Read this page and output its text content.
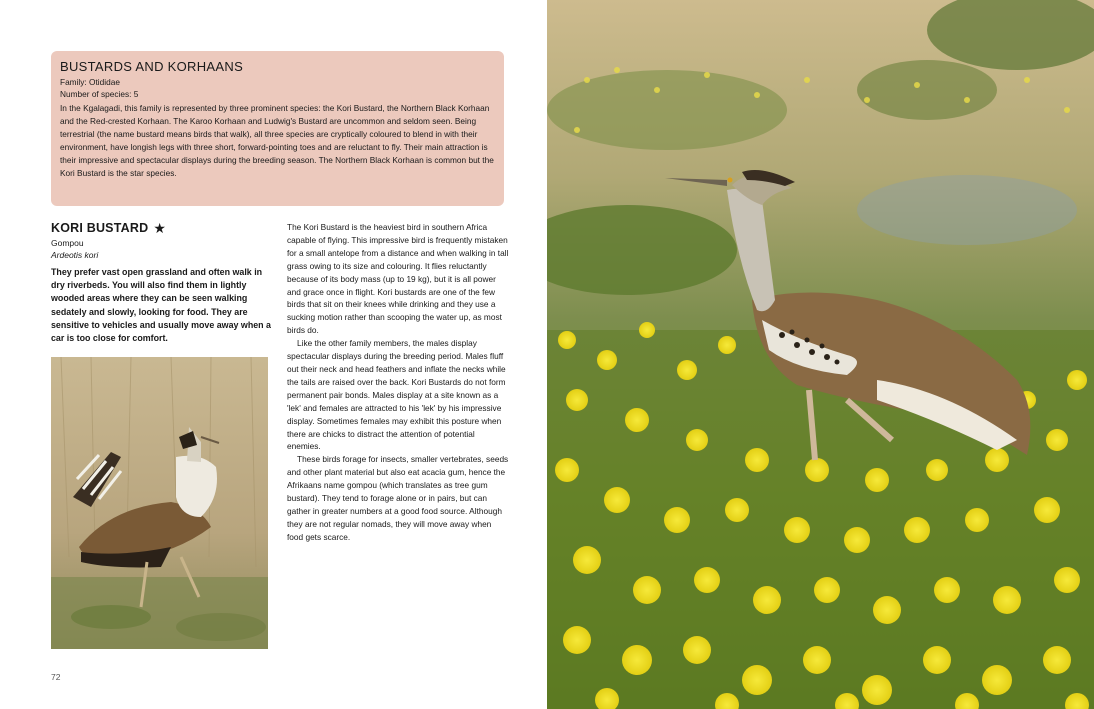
BUSTARDS AND KORHAANS
Family: Otididae
Number of species: 5
In the Kgalagadi, this family is represented by three prominent species: the Kori Bustard, the Northern Black Korhaan and the Red-crested Korhaan. The Karoo Korhaan and Ludwig's Bustard are uncommon and seldom seen. Being terrestrial (the name bustard means birds that walk), all three species are cryptically coloured to blend in with their environment, have longish legs with three short, forward-pointing toes and are reluctant to fly. Their main attraction is their impressive and spectacular displays during the breeding season. The Northern Black Korhaan is common but the Kori Bustard is the star species.
KORI BUSTARD ★
Gompou
Ardeotis kori
They prefer vast open grassland and often walk in dry riverbeds. You will also find them in lightly wooded areas where they can be seen walking sedately and slowly, looking for food. They are sensitive to vehicles and usually move away when a car is too close for comfort.

The Kori Bustard is the heaviest bird in southern Africa capable of flying. This impressive bird is frequently mistaken for a small antelope from a distance and when walking in tall grass owing to its size and colouring. It flies reluctantly because of its body mass (up to 19 kg), but it is all power and grace once in flight. Kori bustards are one of the few birds that sit on their knees while drinking and they use a sucking motion rather than scooping the water up, as most birds do.

Like the other family members, the males display spectacular displays during the breeding period. Males fluff out their neck and head feathers and inflate the necks while the tails are raised over the back. Kori Bustards do not form permanent pair bonds. Males display at a site known as a 'lek' and females are attracted to his 'lek' by his impressive display. Sometimes females may exhibit this posture when there are chicks to distract the attention of potential enemies.

These birds forage for insects, smaller vertebrates, seeds and other plant material but also eat acacia gum, hence the Afrikaans name gompou (which translates as tree gum bustard). They tend to forage alone or in pairs, but can gather in greater numbers at a good food source. Although they are not regular nomads, they will move away when food gets scarce.

72
